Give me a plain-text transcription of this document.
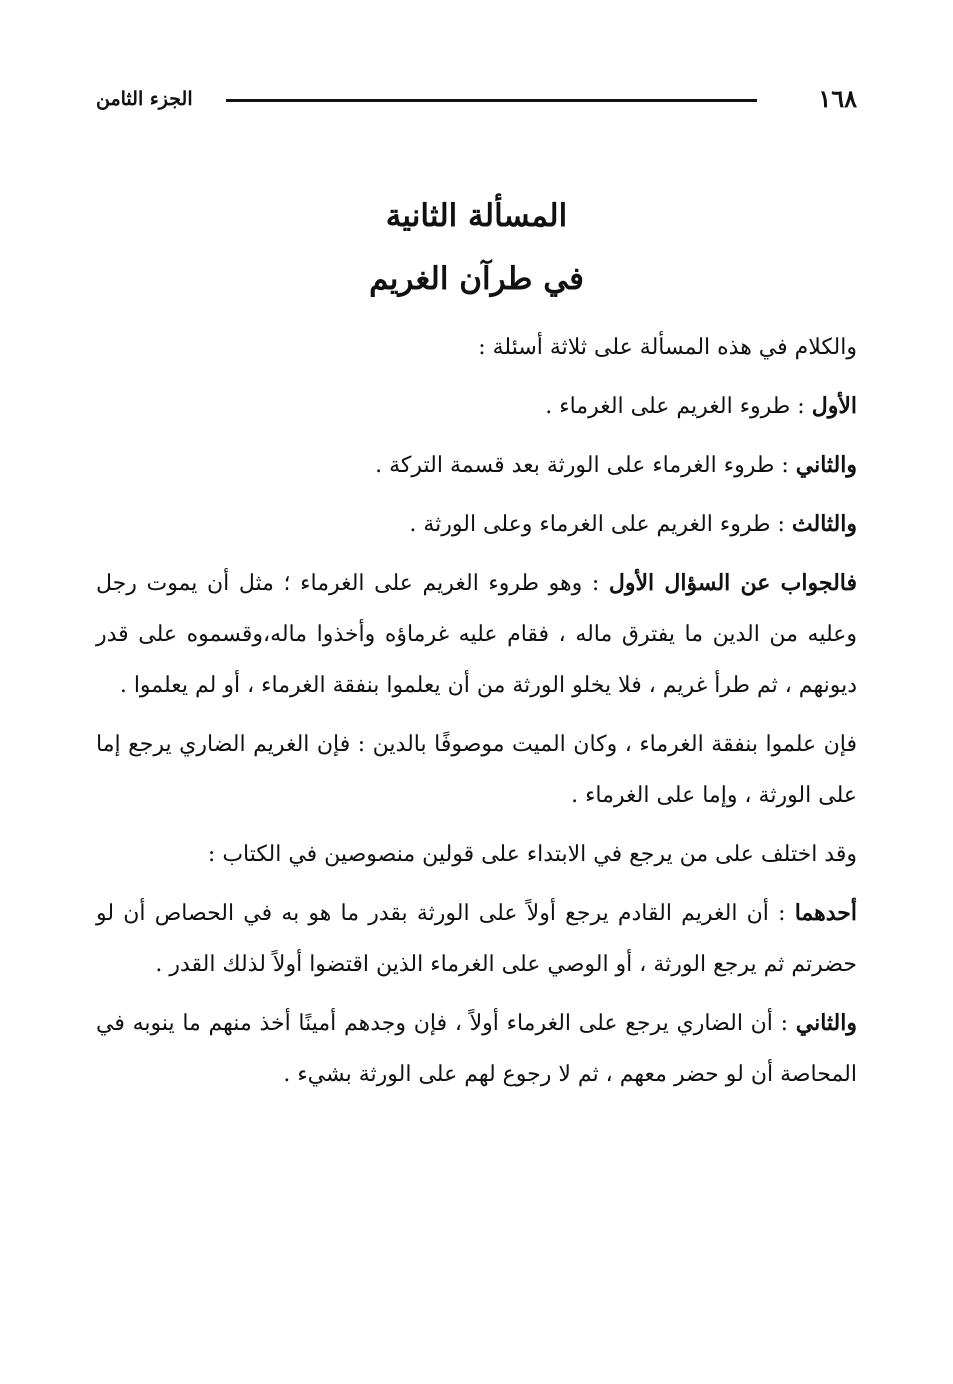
١٦٨
الجزء الثامن
المسألة الثانية
في طرآن الغريم

والكلام في هذه المسألة على ثلاثة أسئلة :

الأول : طروء الغريم على الغرماء .

والثاني : طروء الغرماء على الورثة بعد قسمة التركة .

والثالث : طروء الغريم على الغرماء وعلى الورثة .

فالجواب عن السؤال الأول : وهو طروء الغريم على الغرماء ؛ مثل أن يموت رجل وعليه من الدين ما يفترق ماله ، فقام عليه غرماؤه وأخذوا ماله،وقسموه على قدر ديونهم ، ثم طرأ غريم ، فلا يخلو الورثة من أن يعلموا بنفقة الغرماء ، أو لم يعلموا .

فإن علموا بنفقة الغرماء ، وكان الميت موصوفًا بالدين : فإن الغريم الضاري يرجع إما على الورثة ، وإما على الغرماء .

وقد اختلف على من يرجع في الابتداء على قولين منصوصين في الكتاب :

أحدهما : أن الغريم القادم يرجع أولاً على الورثة بقدر ما هو به في الحصاص أن لو حضرتم ثم يرجع الورثة ، أو الوصي على الغرماء الذين اقتضوا أولاً لذلك القدر .

والثاني : أن الضاري يرجع على الغرماء أولاً ، فإن وجدهم أمينًا أخذ منهم ما ينوبه في المحاصة أن لو حضر معهم ، ثم لا رجوع لهم على الورثة بشيء .
